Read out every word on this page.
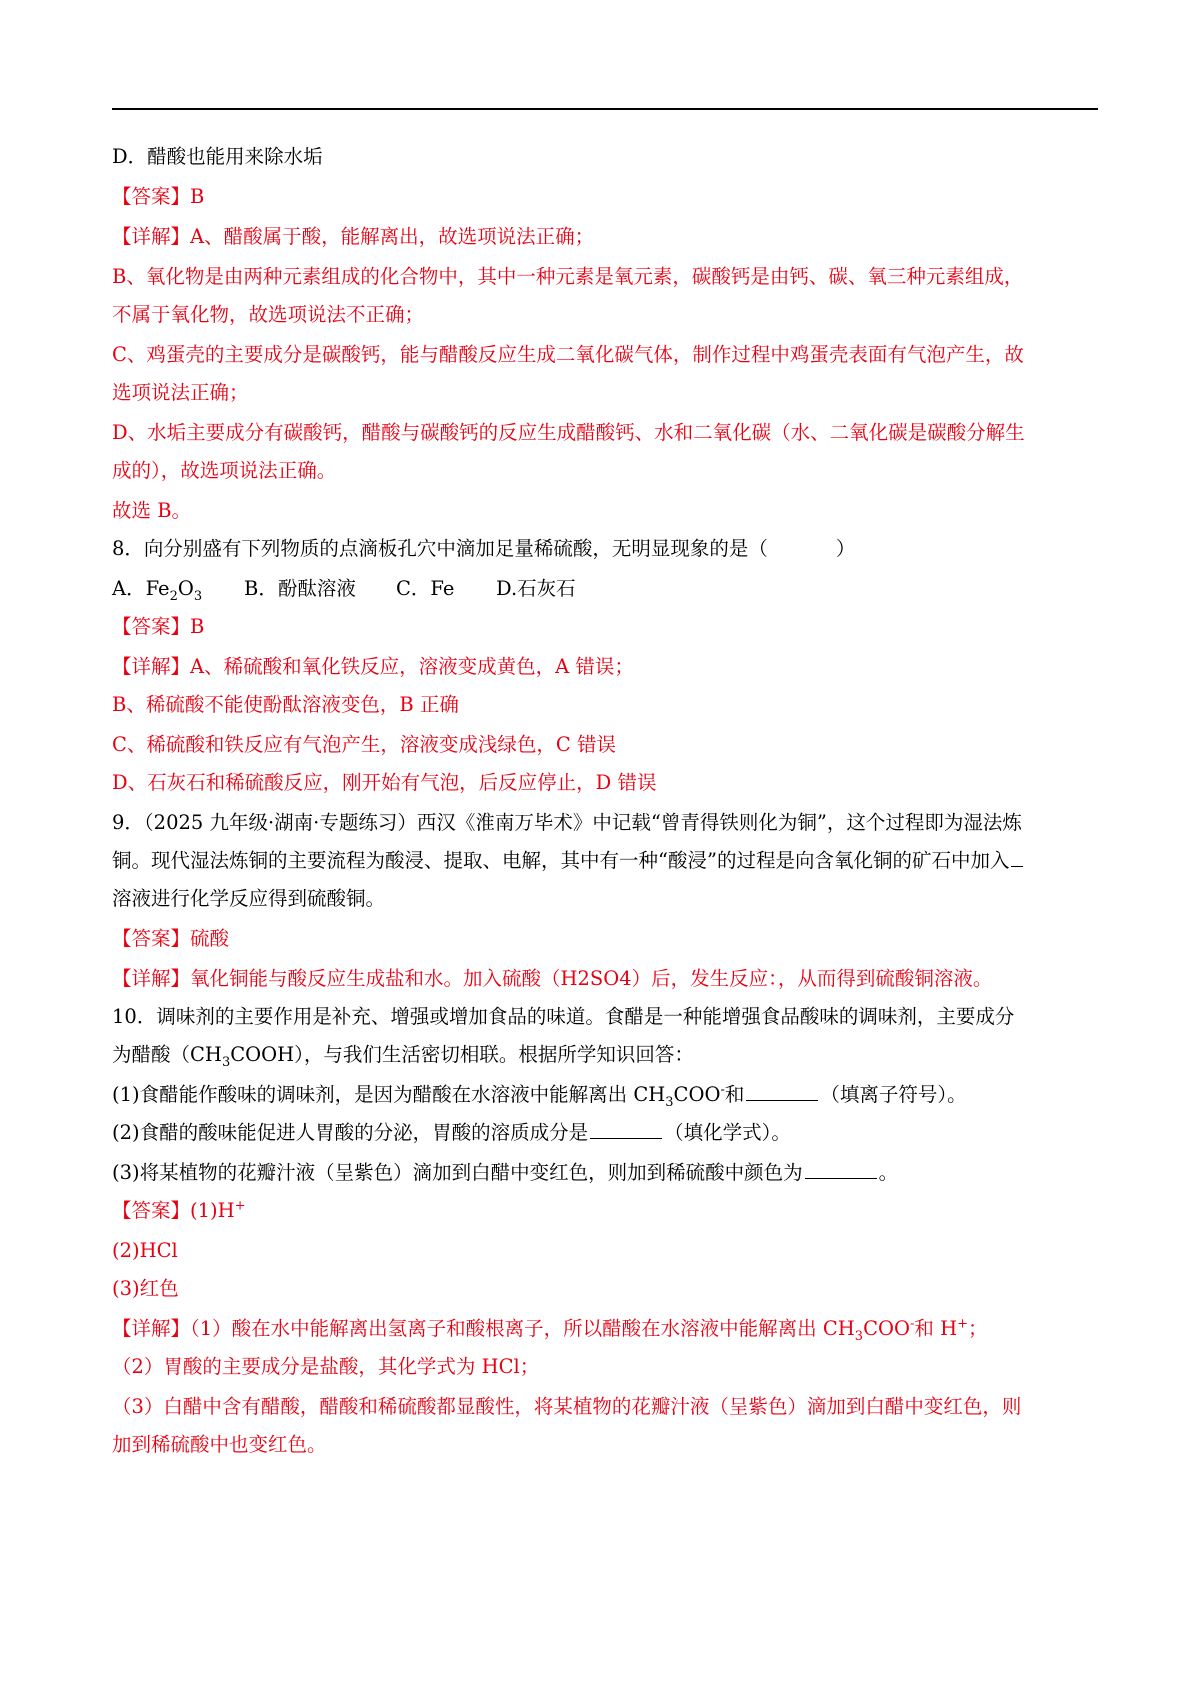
D．醋酸也能用来除水垢
【答案】B
【详解】A、醋酸属于酸，能解离出，故选项说法正确；
B、氧化物是由两种元素组成的化合物中，其中一种元素是氧元素，碳酸钙是由钙、碳、氧三种元素组成，
不属于氧化物，故选项说法不正确；
C、鸡蛋壳的主要成分是碳酸钙，能与醋酸反应生成二氧化碳气体，制作过程中鸡蛋壳表面有气泡产生，故
选项说法正确；
D、水垢主要成分有碳酸钙，醋酸与碳酸钙的反应生成醋酸钙、水和二氧化碳（水、二氧化碳是碳酸分解生
成的），故选项说法正确。
故选 B。
8．向分别盛有下列物质的点滴板孔穴中滴加足量稀硫酸，无明显现象的是（	）
A．$Fe_2O_3$ B．酚酞溶液 C．Fe D.石灰石
【答案】B
【详解】A、稀硫酸和氧化铁反应，溶液变成黄色，A 错误；
B、稀硫酸不能使酚酞溶液变色，B 正确
C、稀硫酸和铁反应有气泡产生，溶液变成浅绿色，C 错误
D、石灰石和稀硫酸反应，刚开始有气泡，后反应停止，D 错误
9．（2025 九年级·湖南·专题练习）西汉《淮南万毕术》中记载“曾青得铁则化为铜”，这个过程即为湿法炼
铜。现代湿法炼铜的主要流程为酸浸、提取、电解，其中有一种“酸浸”的过程是向含氧化铜的矿石中加入
溶液进行化学反应得到硫酸铜。
【答案】硫酸
【详解】氧化铜能与酸反应生成盐和水。加入硫酸（H2SO4）后，发生反应：，从而得到硫酸铜溶液。
10．调味剂的主要作用是补充、增强或增加食品的味道。食醋是一种能增强食品酸味的调味剂，主要成分
为醋酸$(CH_3COOH)$，与我们生活密切相联。根据所学知识回答：
(1)食醋能作酸味的调味剂，是因为醋酸在水溶液中能解离出 $CH_3COO^-$和	（填离子符号）。
(2)食醋的酸味能促进人胃酸的分泌，胃酸的溶质成分是	（填化学式）。
(3)将某植物的花瓣汁液（呈紫色）滴加到白醋中变红色，则加到稀硫酸中颜色为	。
【答案】(1)H+
(2)HCl
(3)红色
【详解】（1）酸在水中能解离出氢离子和酸根离子，所以醋酸在水溶液中能解离出 $CH_3COO^-$和 H+；
（2）胃酸的主要成分是盐酸，其化学式为 HCl；
（3）白醋中含有醋酸，醋酸和稀硫酸都显酸性，将某植物的花瓣汁液（呈紫色）滴加到白醋中变红色，则
加到稀硫酸中也变红色。
